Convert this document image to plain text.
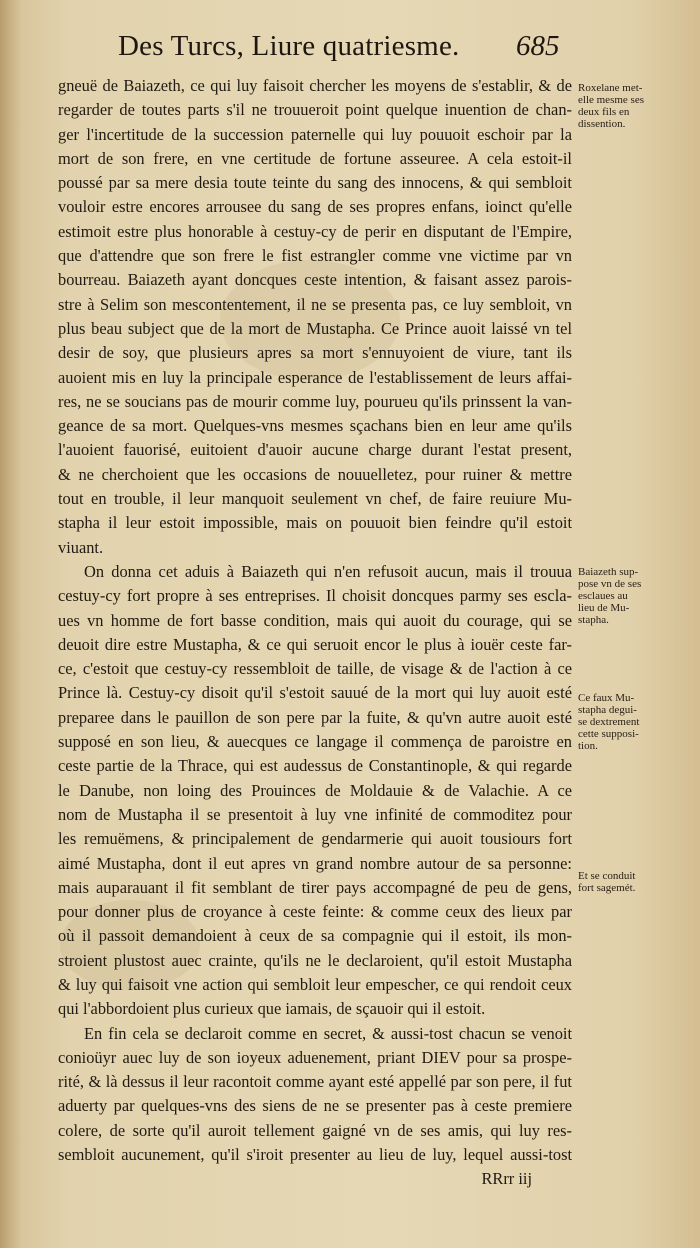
Des Turcs, Liure quatriesme. 685
gneuë de Baiazeth, ce qui luy faisoit chercher les moyens de s'establir, & de
regarder de toutes parts s'il ne trouueroit point quelque inuention de chan-
ger l'incertitude de la succession paternelle qui luy pouuoit eschoir par la
mort de son frere, en vne certitude de fortune asseuree. A cela estoit-il
poussé par sa mere desia toute teinte du sang des innocens, & qui sembloit
vouloir estre encores arrousee du sang de ses propres enfans, ioinct qu'elle
estimoit estre plus honorable à cestuy-cy de perir en disputant de l'Empire,
que d'attendre que son frere le fist estrangler comme vne victime par vn
bourreau. Baiazeth ayant doncques ceste intention, & faisant assez parois-
stre à Selim son mescontentement, il ne se presenta pas, ce luy sembloit, vn
plus beau subject que de la mort de Mustapha. Ce Prince auoit laissé vn tel
desir de soy, que plusieurs apres sa mort s'ennuyoient de viure, tant ils
auoient mis en luy la principale esperance de l'establissement de leurs affai-
res, ne se soucians pas de mourir comme luy, pourueu qu'ils prinssent la van-
geance de sa mort. Quelques-vns mesmes sçachans bien en leur ame qu'ils
l'auoient fauorisé, euitoient d'auoir aucune charge durant l'estat present,
& ne cherchoient que les occasions de nouuelletez, pour ruiner & mettre
tout en trouble, il leur manquoit seulement vn chef, de faire reuiure Mu-
stapha il leur estoit impossible, mais on pouuoit bien feindre qu'il estoit
viuant.
On donna cet aduis à Baiazeth qui n'en refusoit aucun, mais il trouua
cestuy-cy fort propre à ses entreprises. Il choisit doncques parmy ses escla-
ues vn homme de fort basse condition, mais qui auoit du courage, qui se
deuoit dire estre Mustapha, & ce qui seruoit encor le plus à iouër ceste far-
ce, c'estoit que cestuy-cy ressembloit de taille, de visage & de l'action à ce
Prince là. Cestuy-cy disoit qu'il s'estoit sauué de la mort qui luy auoit esté
preparee dans le pauillon de son pere par la fuite, & qu'vn autre auoit esté
supposé en son lieu, & auecques ce langage il commença de paroistre en
ceste partie de la Thrace, qui est audessus de Constantinople, & qui regarde
le Danube, non loing des Prouinces de Moldauie & de Valachie. A ce
nom de Mustapha il se presentoit à luy vne infinité de commoditez pour
les remuëmens, & principalement de gendarmerie qui auoit tousiours fort
aimé Mustapha, dont il eut apres vn grand nombre autour de sa personne:
mais auparauant il fit semblant de tirer pays accompagné de peu de gens,
pour donner plus de croyance à ceste feinte: & comme ceux des lieux par
où il passoit demandoient à ceux de sa compagnie qui il estoit, ils mon-
stroient plustost auec crainte, qu'ils ne le declaroient, qu'il estoit Mustapha
& luy qui faisoit vne action qui sembloit leur empescher, ce qui rendoit ceux
qui l'abbordoient plus curieux que iamais, de sçauoir qui il estoit.
En fin cela se declaroit comme en secret, & aussi-tost chacun se venoit
conioüyr auec luy de son ioyeux aduenement, priant DIEV pour sa prospe-
rité, & là dessus il leur racontoit comme ayant esté appellé par son pere, il fut
aduerty par quelques-vns des siens de ne se presenter pas à ceste premiere
colere, de sorte qu'il auroit tellement gaigné vn de ses amis, qui luy res-
sembloit aucunement, qu'il s'iroit presenter au lieu de luy, lequel aussi-tost
RRrr iij
Roxelane met-
elle mesme ses
deux fils en
dissention.
Baiazeth sup-
pose vn de ses
esclaues au
lieu de Mu-
stapha.
Ce faux Mu-
stapha degui-
se dextrement
cette supposi-
tion.
Et se conduit
fort sagemét.
